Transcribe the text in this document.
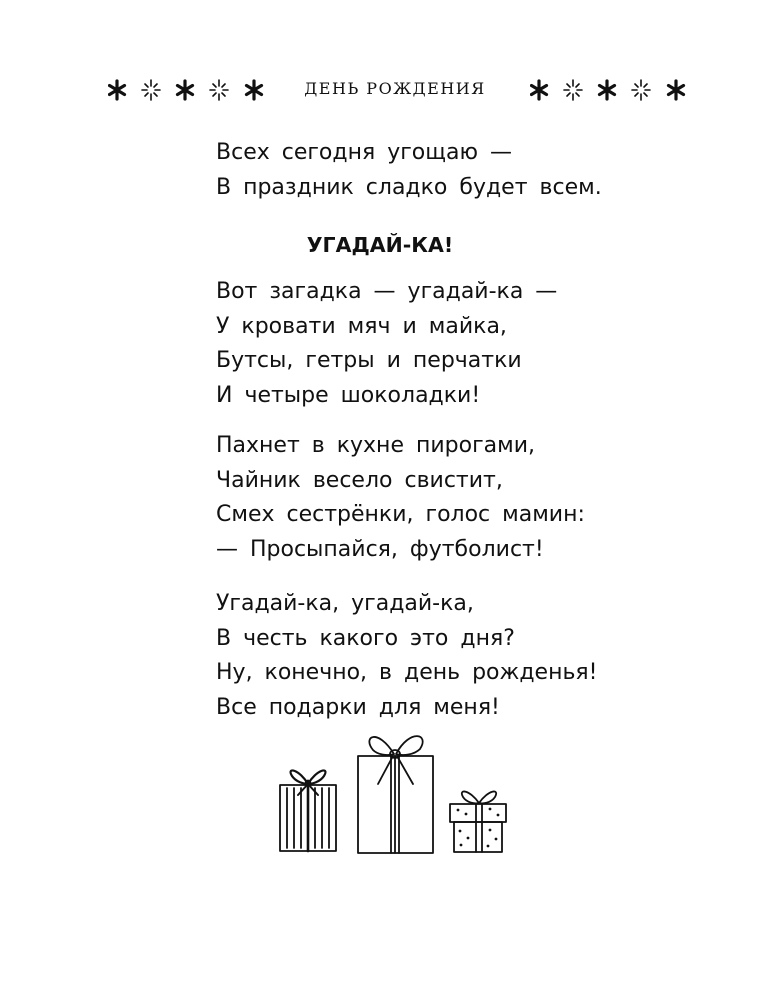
ДЕНЬ РОЖДЕНИЯ
Всех сегодня угощаю —
В праздник сладко будет всем.
УГАДАЙ-КА!
Вот загадка — угадай-ка —
У кровати мяч и майка,
Бутсы, гетры и перчатки
И четыре шоколадки!
Пахнет в кухне пирогами,
Чайник весело свистит,
Смех сестрёнки, голос мамин:
— Просыпайся, футболист!
Угадай-ка, угадай-ка,
В честь какого это дня?
Ну, конечно, в день рожденья!
Все подарки для меня!
